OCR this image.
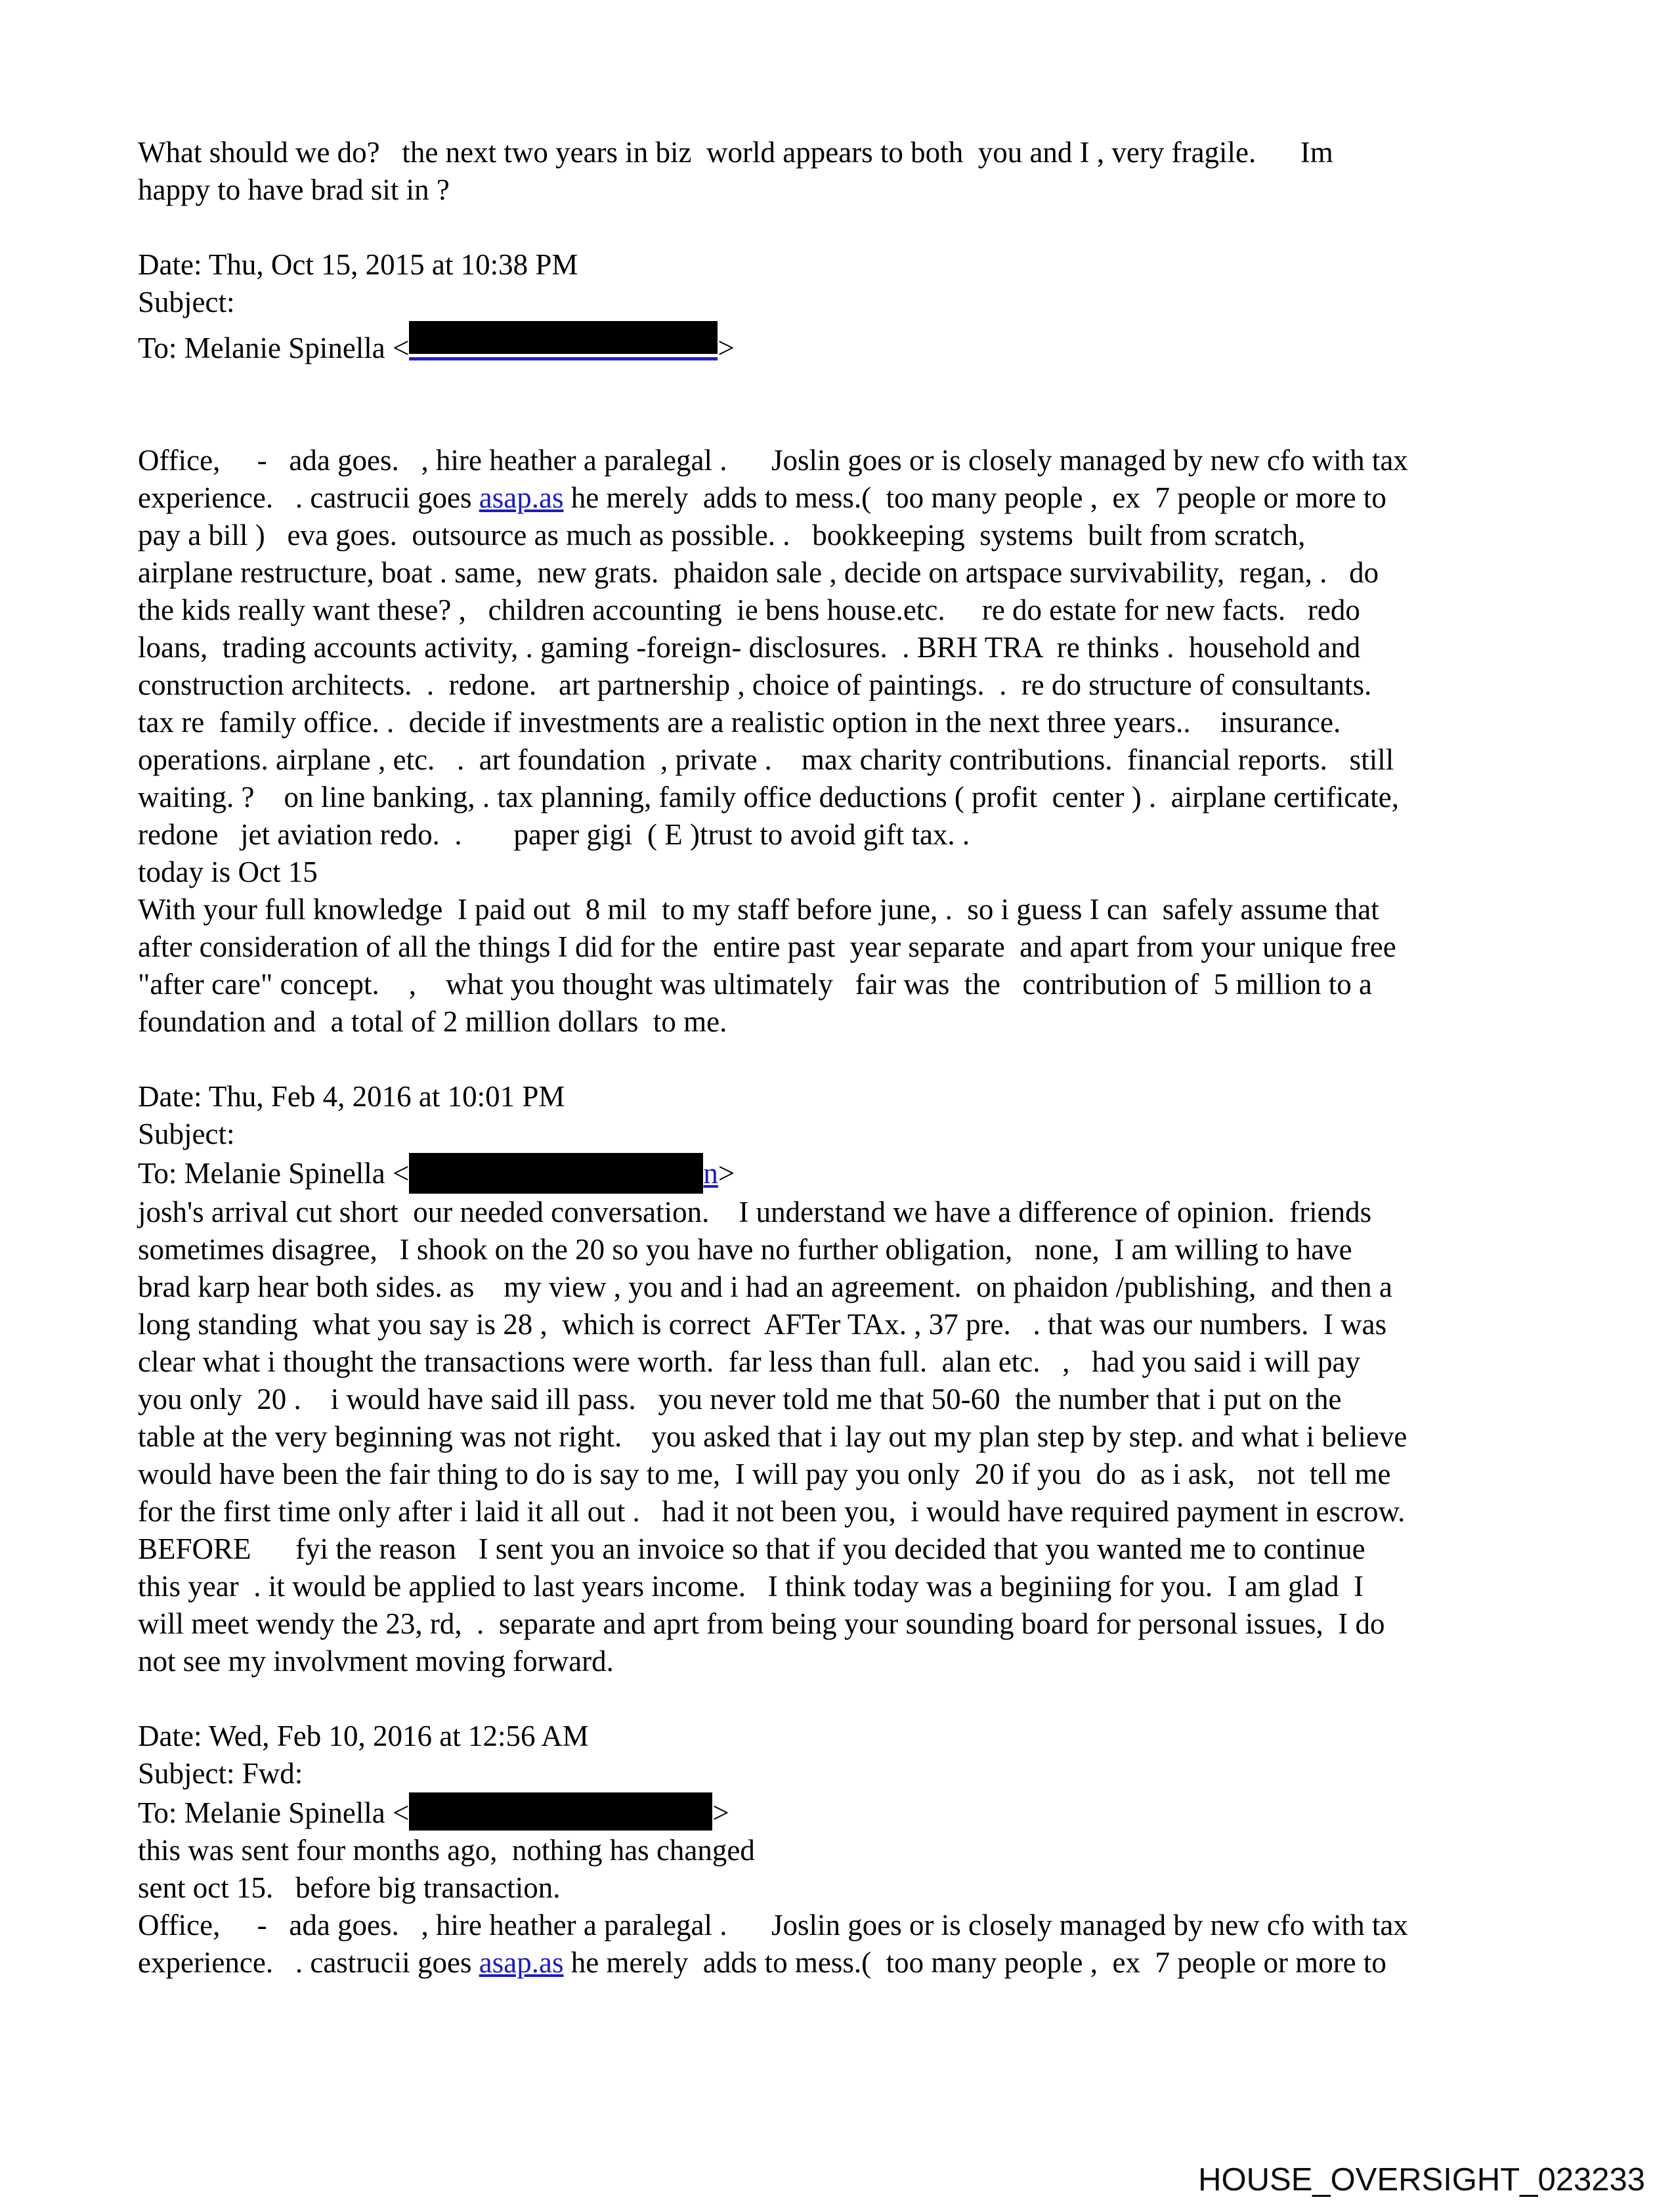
What should we do?   the next two years in biz  world appears to both  you and I , very fragile.      Im
happy to have brad sit in ?
Date: Thu, Oct 15, 2015 at 10:38 PM
Subject:
To: Melanie Spinella <	>
Office,     -   ada goes.   , hire heather a paralegal .      Joslin goes or is closely managed by new cfo with tax
experience.   . castrucii goes asap.as he merely  adds to mess.(  too many people ,  ex  7 people or more to
pay a bill )   eva goes.  outsource as much as possible. .   bookkeeping  systems  built from scratch,
airplane restructure, boat . same,  new grats.  phaidon sale , decide on artspace survivability,  regan, .   do
the kids really want these? ,   children accounting  ie bens house.etc.     re do estate for new facts.   redo
loans,  trading accounts activity, . gaming -foreign- disclosures.  . BRH TRA  re thinks .  household and
construction architects.  .  redone.   art partnership , choice of paintings.  .  re do structure of consultants.
tax re  family office. .  decide if investments are a realistic option in the next three years..    insurance.
operations. airplane , etc.   .  art foundation  , private .    max charity contributions.  financial reports.   still
waiting. ?    on line banking, . tax planning, family office deductions ( profit  center ) .  airplane certificate,
redone   jet aviation redo.  .       paper gigi  ( E )trust to avoid gift tax. .
today is Oct 15
With your full knowledge  I paid out  8 mil  to my staff before june, .  so i guess I can  safely assume that
after consideration of all the things I did for the  entire past  year separate  and apart from your unique free
"after care" concept.    ,    what you thought was ultimately   fair was  the   contribution of  5 million to a
foundation and  a total of 2 million dollars  to me.
Date: Thu, Feb 4, 2016 at 10:01 PM
Subject:
To: Melanie Spinella <	n>
josh's arrival cut short  our needed conversation.    I understand we have a difference of opinion.  friends
sometimes disagree,   I shook on the 20 so you have no further obligation,   none,  I am willing to have
brad karp hear both sides. as    my view , you and i had an agreement.  on phaidon /publishing,  and then a
long standing  what you say is 28 ,  which is correct  AFTer TAx. , 37 pre.   . that was our numbers.  I was
clear what i thought the transactions were worth.  far less than full.  alan etc.   ,   had you said i will pay
you only  20 .    i would have said ill pass.   you never told me that 50-60  the number that i put on the
table at the very beginning was not right.    you asked that i lay out my plan step by step. and what i believe
would have been the fair thing to do is say to me,  I will pay you only  20 if you  do  as i ask,   not  tell me
for the first time only after i laid it all out .   had it not been you,  i would have required payment in escrow.
BEFORE      fyi the reason   I sent you an invoice so that if you decided that you wanted me to continue
this year  . it would be applied to last years income.   I think today was a beginiing for you.  I am glad  I
will meet wendy the 23, rd,  .  separate and aprt from being your sounding board for personal issues,  I do
not see my involvment moving forward.
Date: Wed, Feb 10, 2016 at 12:56 AM
Subject: Fwd:
To: Melanie Spinella <	>
this was sent four months ago,  nothing has changed
sent oct 15.   before big transaction.
Office,     -   ada goes.   , hire heather a paralegal .      Joslin goes or is closely managed by new cfo with tax
experience.   . castrucii goes asap.as he merely  adds to mess.(  too many people ,  ex  7 people or more to
HOUSE_OVERSIGHT_023233
